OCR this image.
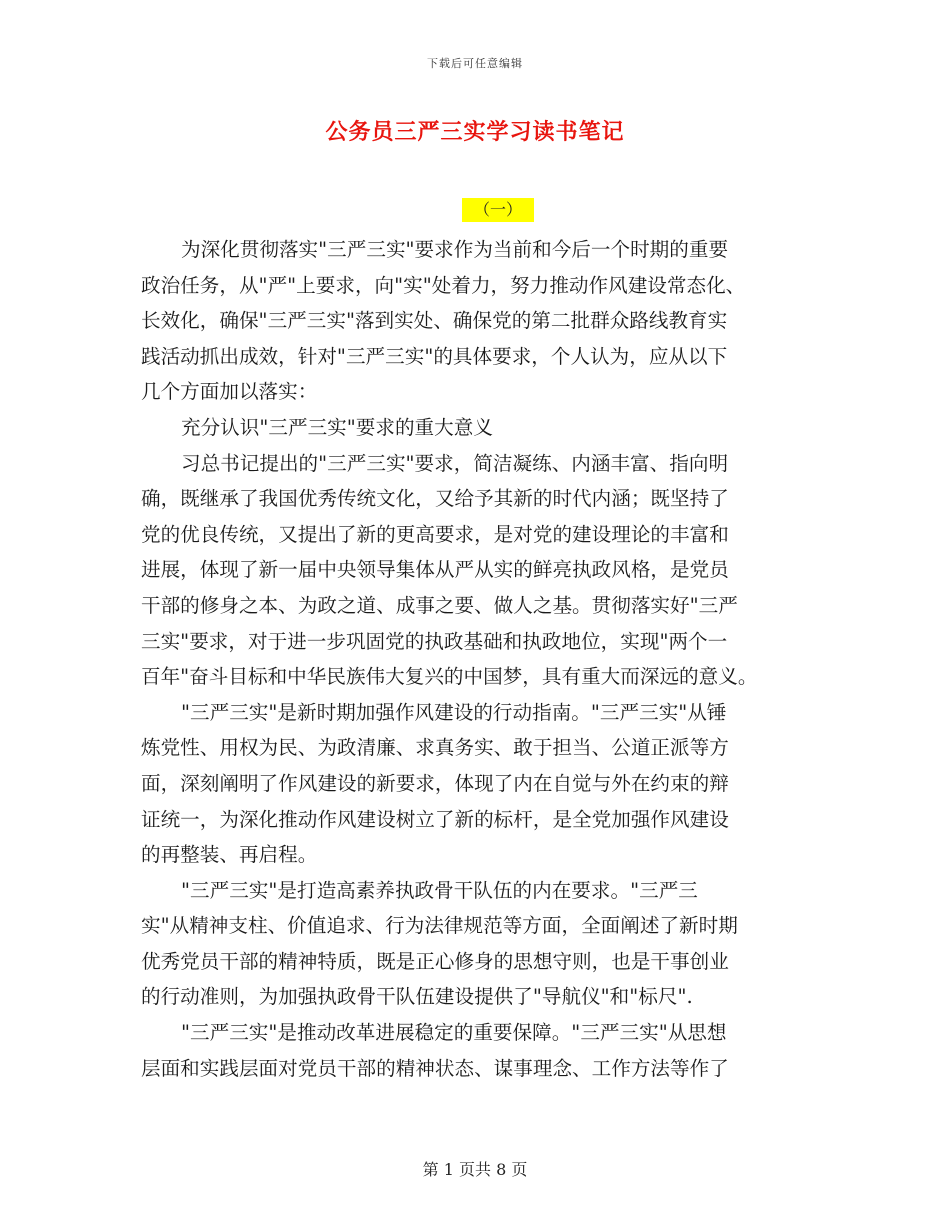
下载后可任意编辑
公务员三严三实学习读书笔记
（一）
为深化贯彻落实"三严三实"要求作为当前和今后一个时期的重要
政治任务，从"严"上要求，向"实"处着力，努力推动作风建设常态化、
长效化，确保"三严三实"落到实处、确保党的第二批群众路线教育实
践活动抓出成效，针对"三严三实"的具体要求，个人认为，应从以下
几个方面加以落实：
充分认识"三严三实"要求的重大意义
习总书记提出的"三严三实"要求，简洁凝练、内涵丰富、指向明
确，既继承了我国优秀传统文化，又给予其新的时代内涵；既坚持了
党的优良传统，又提出了新的更高要求，是对党的建设理论的丰富和
进展，体现了新一届中央领导集体从严从实的鲜亮执政风格，是党员
干部的修身之本、为政之道、成事之要、做人之基。贯彻落实好"三严
三实"要求，对于进一步巩固党的执政基础和执政地位，实现"两个一
百年"奋斗目标和中华民族伟大复兴的中国梦，具有重大而深远的意义。
"三严三实"是新时期加强作风建设的行动指南。"三严三实"从锤
炼党性、用权为民、为政清廉、求真务实、敢于担当、公道正派等方
面，深刻阐明了作风建设的新要求，体现了内在自觉与外在约束的辩
证统一，为深化推动作风建设树立了新的标杆，是全党加强作风建设
的再整装、再启程。
"三严三实"是打造高素养执政骨干队伍的内在要求。"三严三
实"从精神支柱、价值追求、行为法律规范等方面，全面阐述了新时期
优秀党员干部的精神特质，既是正心修身的思想守则，也是干事创业
的行动准则，为加强执政骨干队伍建设提供了"导航仪"和"标尺".
"三严三实"是推动改革进展稳定的重要保障。"三严三实"从思想
层面和实践层面对党员干部的精神状态、谋事理念、工作方法等作了
第 1 页共 8 页
